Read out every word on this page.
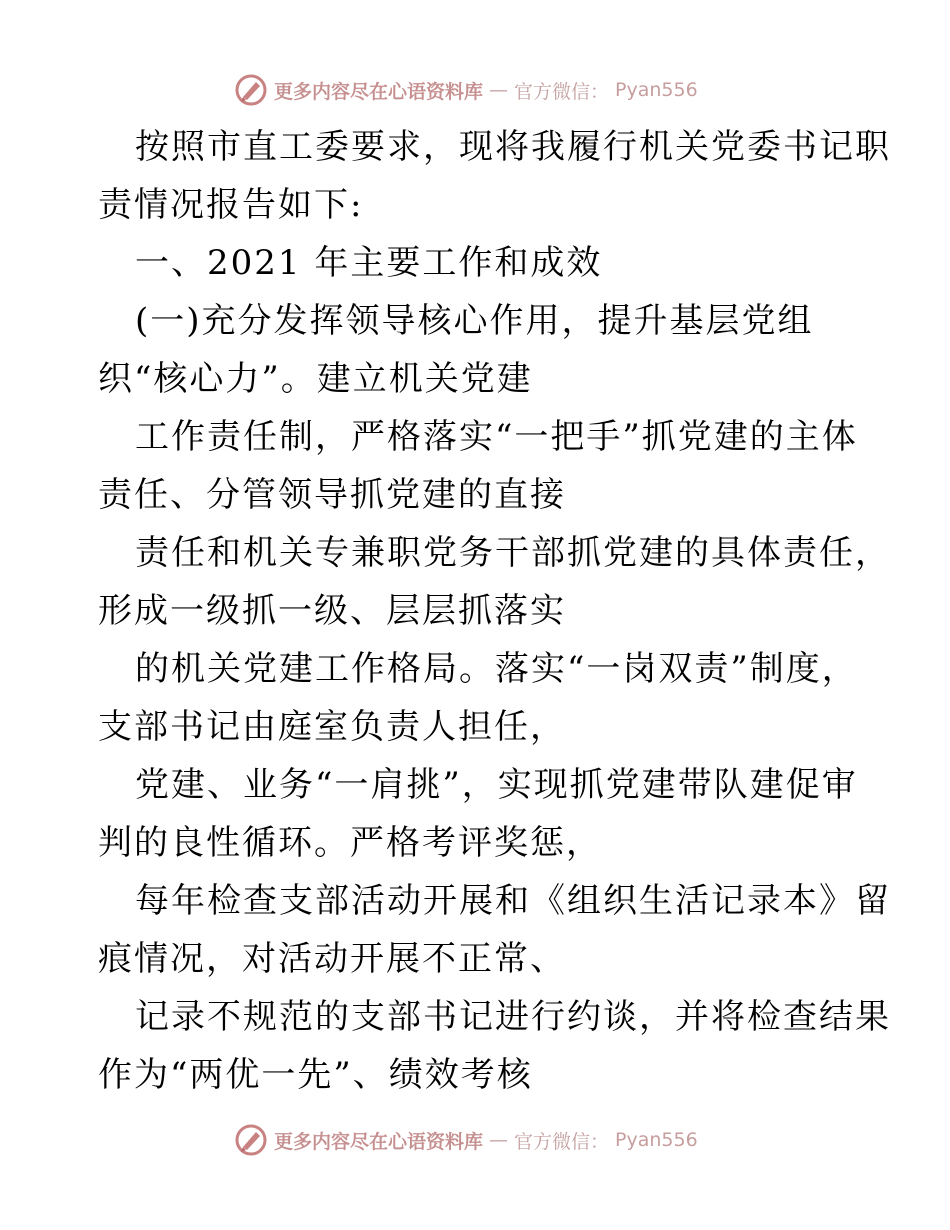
更多内容尽在心语资料库 — 官方微信： Pyan556
按照市直工委要求，现将我履行机关党委书记职
责情况报告如下:
一、2021 年主要工作和成效
(一)充分发挥领导核心作用，提升基层党组
织“核心力”。建立机关党建
工作责任制，严格落实“一把手”抓党建的主体
责任、分管领导抓党建的直接
责任和机关专兼职党务干部抓党建的具体责任，
形成一级抓一级、层层抓落实
的机关党建工作格局。落实“一岗双责”制度，
支部书记由庭室负责人担任，
党建、业务“一肩挑”，实现抓党建带队建促审
判的良性循环。严格考评奖惩，
每年检查支部活动开展和《组织生活记录本》留
痕情况，对活动开展不正常、
记录不规范的支部书记进行约谈，并将检查结果
作为“两优一先”、绩效考核
更多内容尽在心语资料库 — 官方微信： Pyan556
